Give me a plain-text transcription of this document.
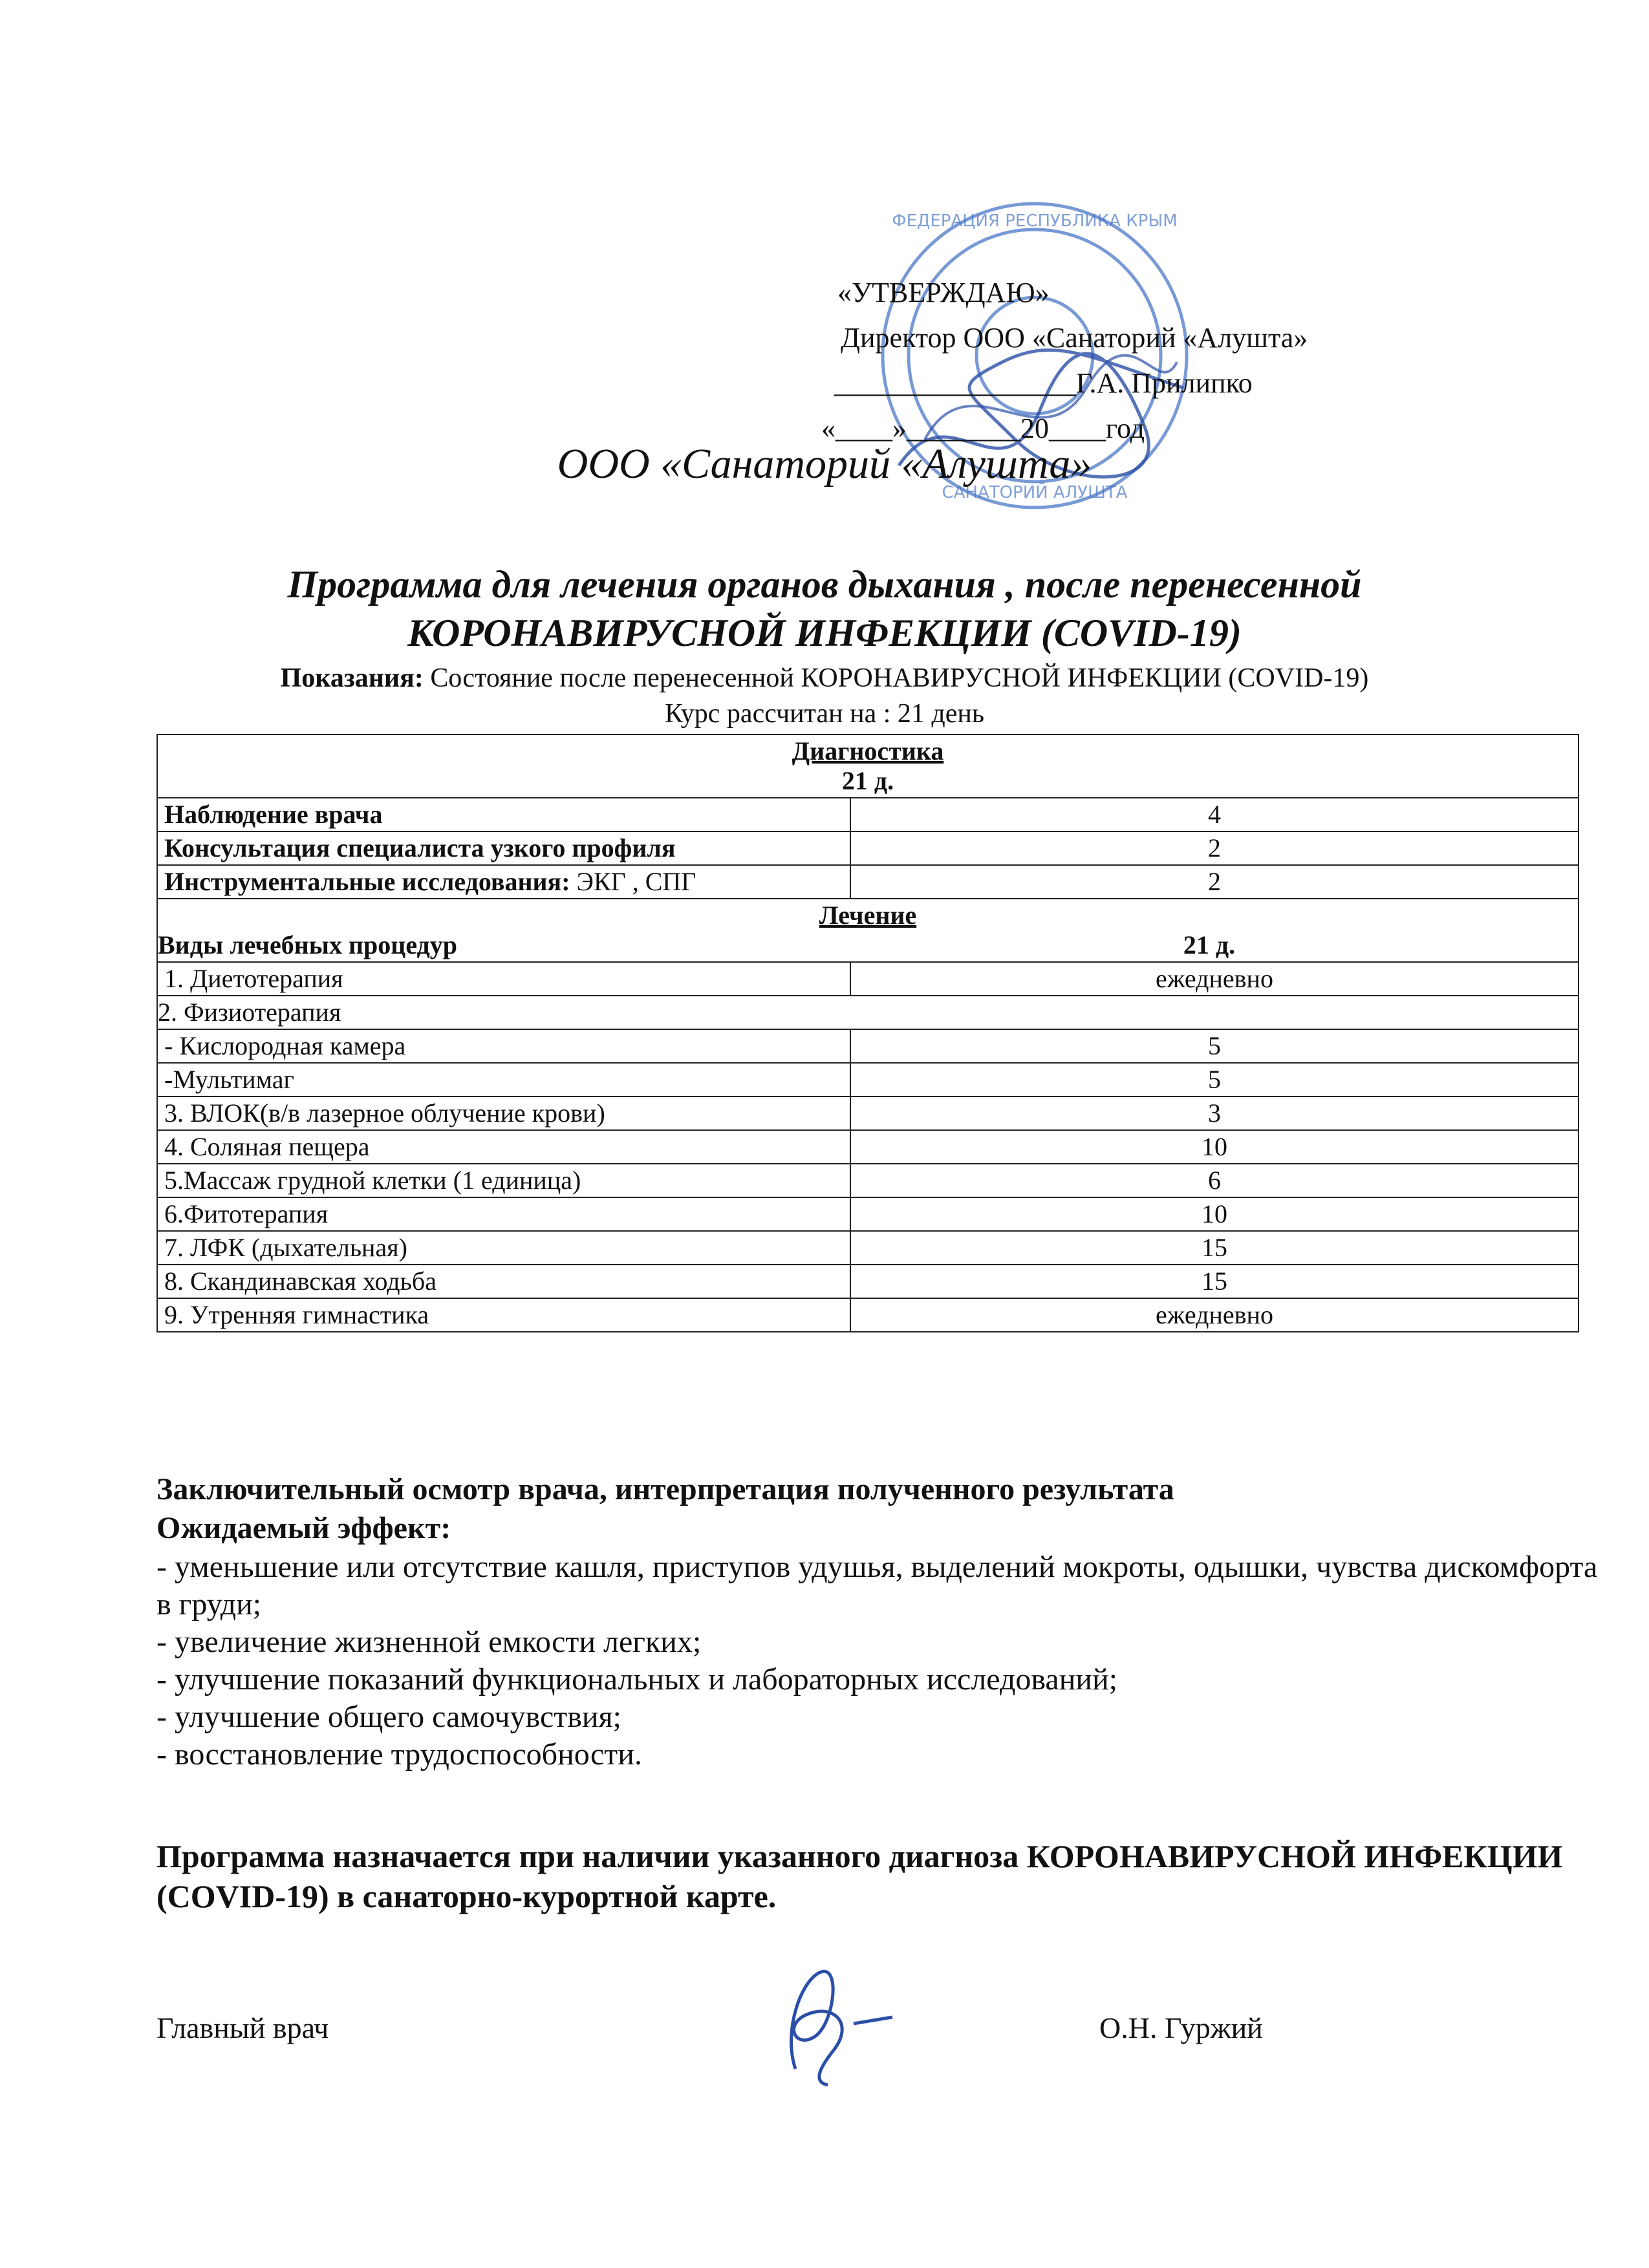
ФЕДЕРАЦИЯ РЕСПУБЛИКА КРЫМ
САНАТОРИЙ АЛУШТА
«УТВЕРЖДАЮ»
Директор ООО «Санаторий «Алушта»
_________________Г.А. Прилипко
«____»________20____год
ООО «Санаторий «Алушта»
Программа для лечения органов дыхания , после перенесенной
КОРОНАВИРУСНОЙ ИНФЕКЦИИ (COVID-19)
Показания: Состояние после перенесенной КОРОНАВИРУСНОЙ ИНФЕКЦИИ (COVID-19)
Курс рассчитан на : 21 день
Диагностика
21 д.	

Наблюдение врача	4
Консультация специалиста узкого профиля	2
Инструментальные исследования: ЭКГ , СПГ	2

Лечение
Виды лечебных процедур 21 д.	

1. Диетотерапия	ежедневно
2. Физиотерапия	
- Кислородная камера	5
-Мультимаг	5
3. ВЛОК(в/в лазерное облучение крови)	3
4. Соляная пещера	10
5.Массаж грудной клетки (1 единица)	6
6.Фитотерапия	10
7. ЛФК (дыхательная)	15
8. Скандинавская ходьба	15
9. Утренняя гимнастика	ежедневно
Заключительный осмотр врача, интерпретация полученного результата
Ожидаемый эффект:
- уменьшение или отсутствие кашля, приступов удушья, выделений мокроты, одышки, чувства дискомфорта в груди;
- увеличение жизненной емкости легких;
- улучшение показаний функциональных и лабораторных исследований;
- улучшение общего самочувствия;
- восстановление трудоспособности.
Программа назначается при наличии указанного диагноза КОРОНАВИРУСНОЙ ИНФЕКЦИИ (COVID-19) в санаторно-курортной карте.
Главный врач	О.Н. Гуржий
